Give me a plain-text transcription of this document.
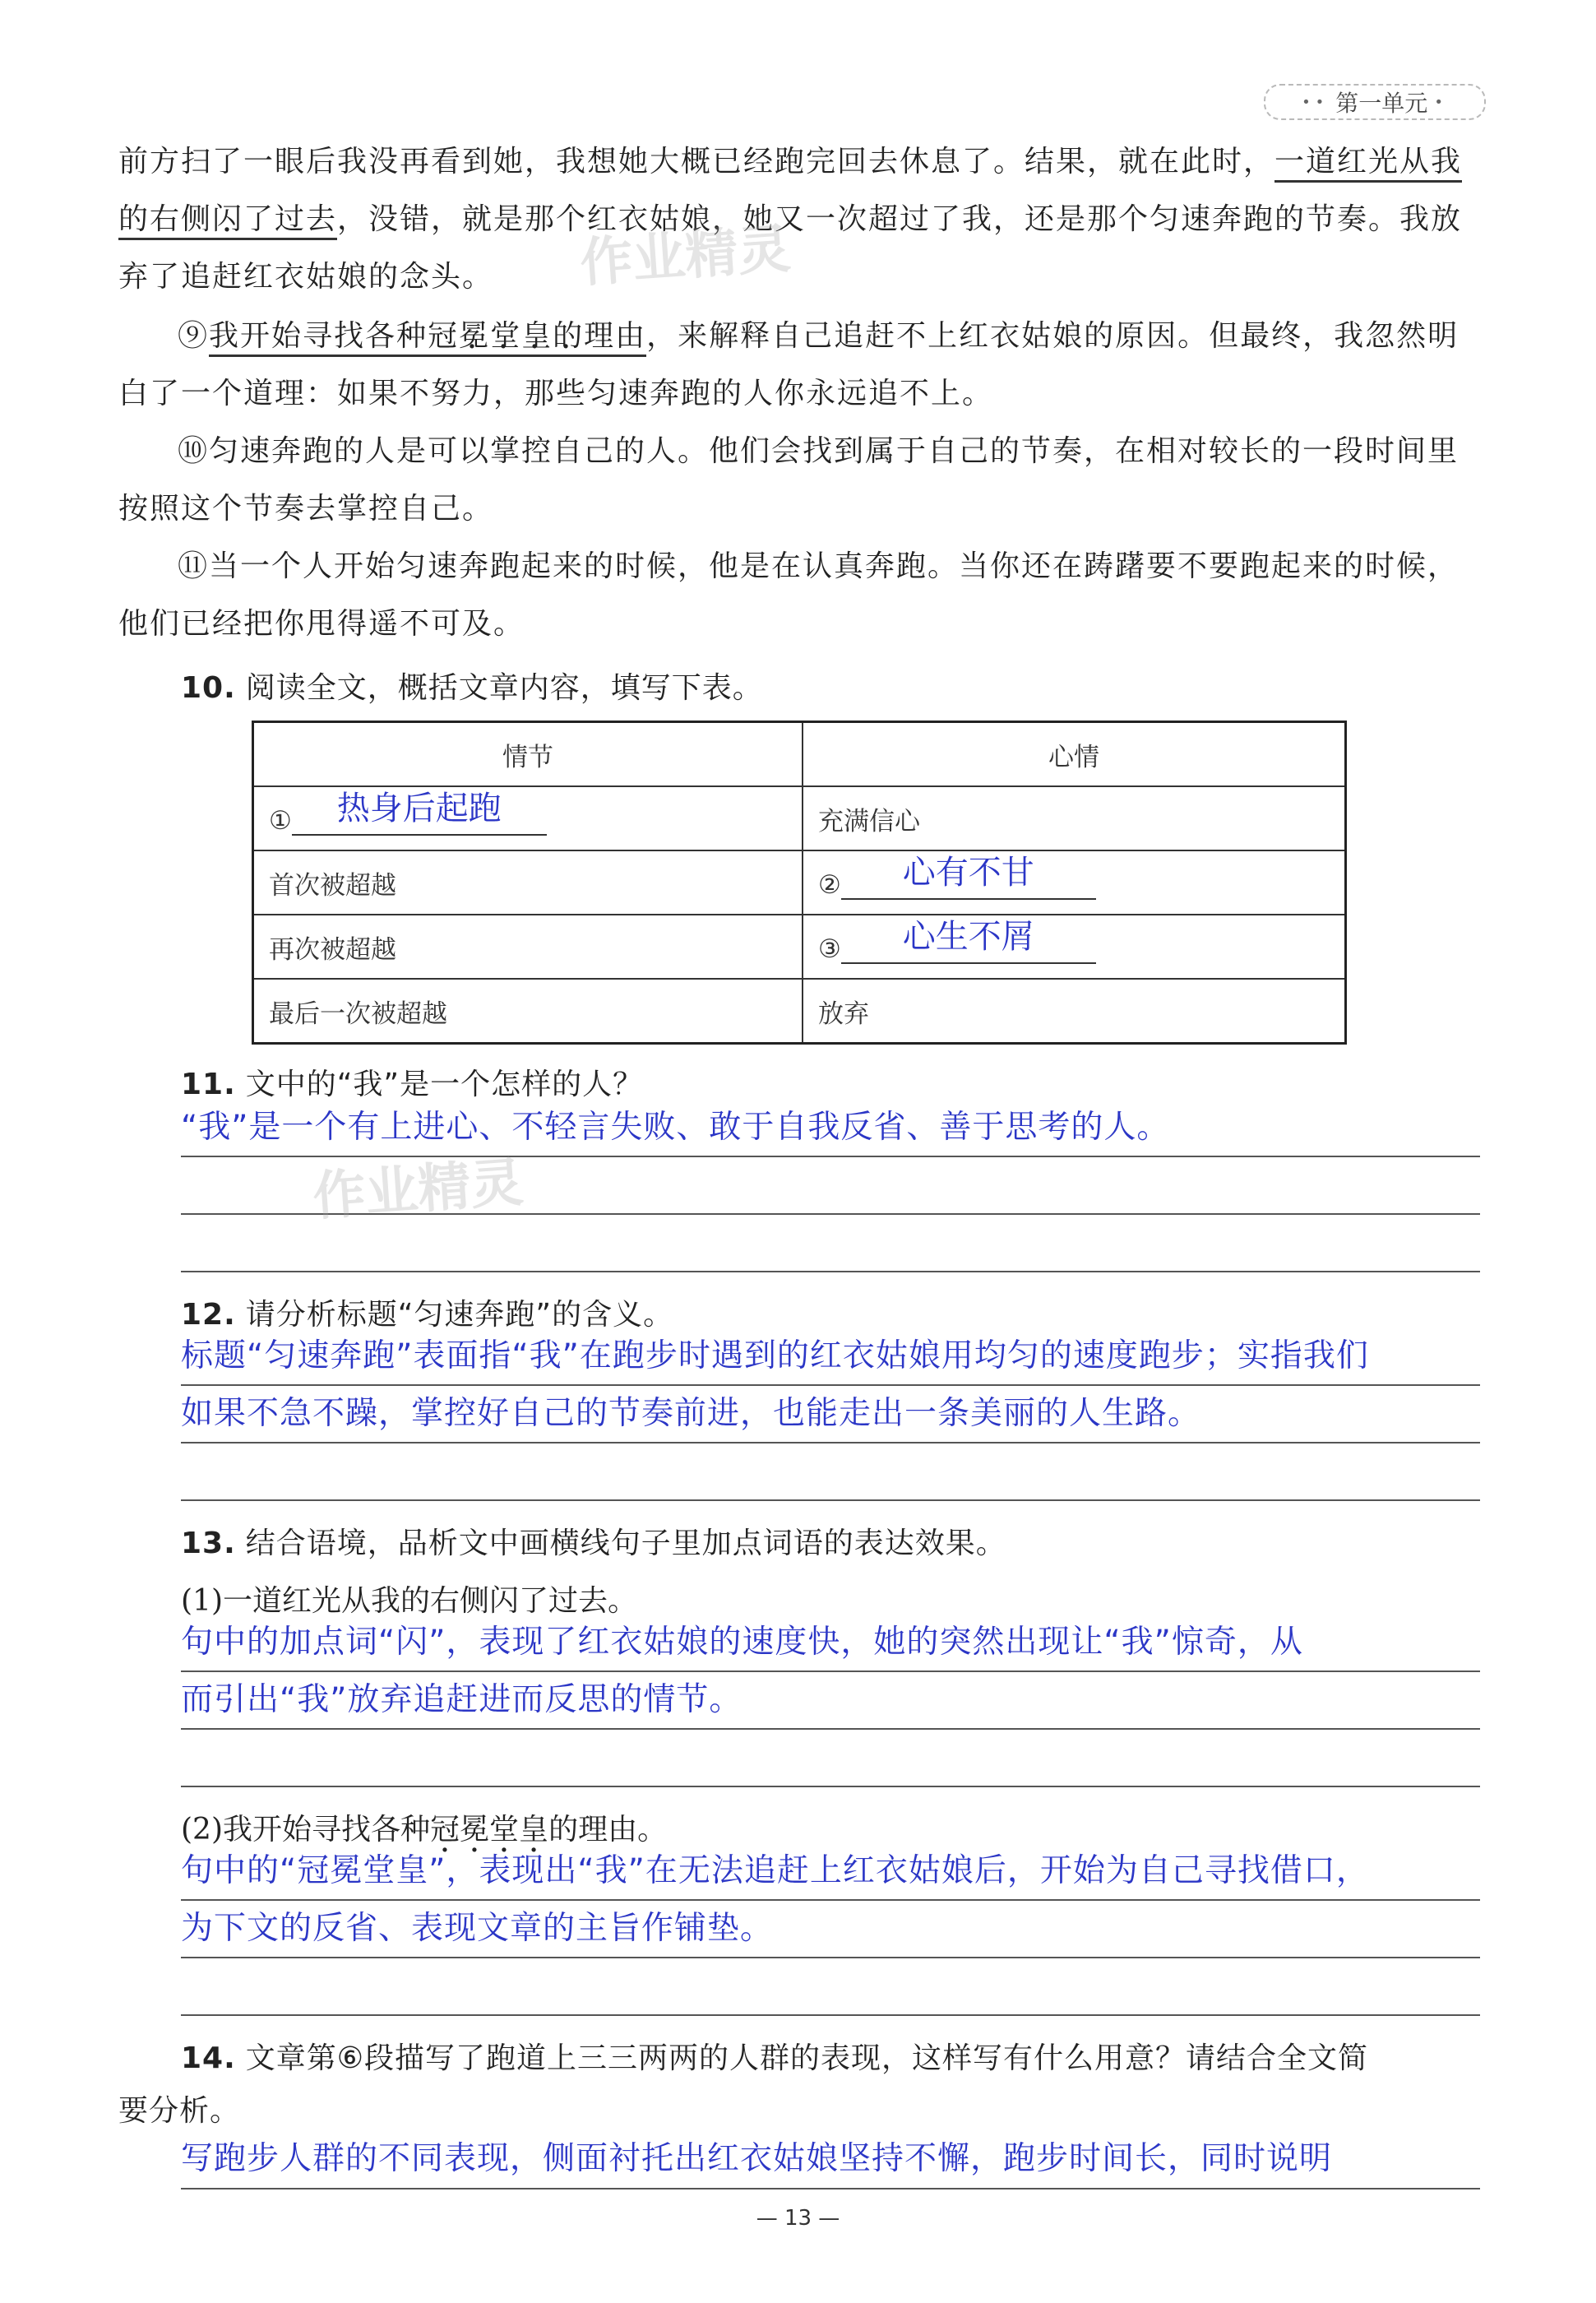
•• 第一单元 •

前方扫了一眼后我没再看到她，我想她大概已经跑完回去休息了。结果，就在此时，一道红光从我的右侧闪了过去，没错，就是那个红衣姑娘，她又一次超过了我，还是那个匀速奔跑的节奏。我放弃了追赶红衣姑娘的念头。

⑨我开始寻找各种冠冕堂皇的理由，来解释自己追赶不上红衣姑娘的原因。但最终，我忽然明白了一个道理：如果不努力，那些匀速奔跑的人你永远追不上。

⑩匀速奔跑的人是可以掌控自己的人。他们会找到属于自己的节奏，在相对较长的一段时间里按照这个节奏去掌控自己。

⑪当一个人开始匀速奔跑起来的时候，他是在认真奔跑。当你还在踌躇要不要跑起来的时候，他们已经把你甩得遥不可及。

10. 阅读全文，概括文章内容，填写下表。
情节	心情
① 热身后起跑	充满信心
首次被超越	② 心有不甘

再次被超越	③ 心生不屑

最后一次被超越	放弃
11. 文中的“我”是一个怎样的人？

“我”是一个有上进心、不轻言失败、敢于自我反省、善于思考的人。

12. 请分析标题“匀速奔跑”的含义。

标题“匀速奔跑”表面指“我”在跑步时遇到的红衣姑娘用均匀的速度跑步；实指我们

如果不急不躁，掌控好自己的节奏前进，也能走出一条美丽的人生路。

13. 结合语境，品析文中画横线句子里加点词语的表达效果。
(1)一道红光从我的右侧闪了过去。

句中的加点词“闪”，表现了红衣姑娘的速度快，她的突然出现让“我”惊奇，从

而引出“我”放弃追赶进而反思的情节。

(2)我开始寻找各种冠冕堂皇的理由。

句中的“冠冕堂皇”，表现出“我”在无法追赶上红衣姑娘后，开始为自己寻找借口，

为下文的反省、表现文章的主旨作铺垫。

14. 文章第⑥段描写了跑道上三三两两的人群的表现，这样写有什么用意？请结合全文简
要分析。

写跑步人群的不同表现，侧面衬托出红衣姑娘坚持不懈，跑步时间长，同时说明

作业精灵
作业精灵
— 13 —
